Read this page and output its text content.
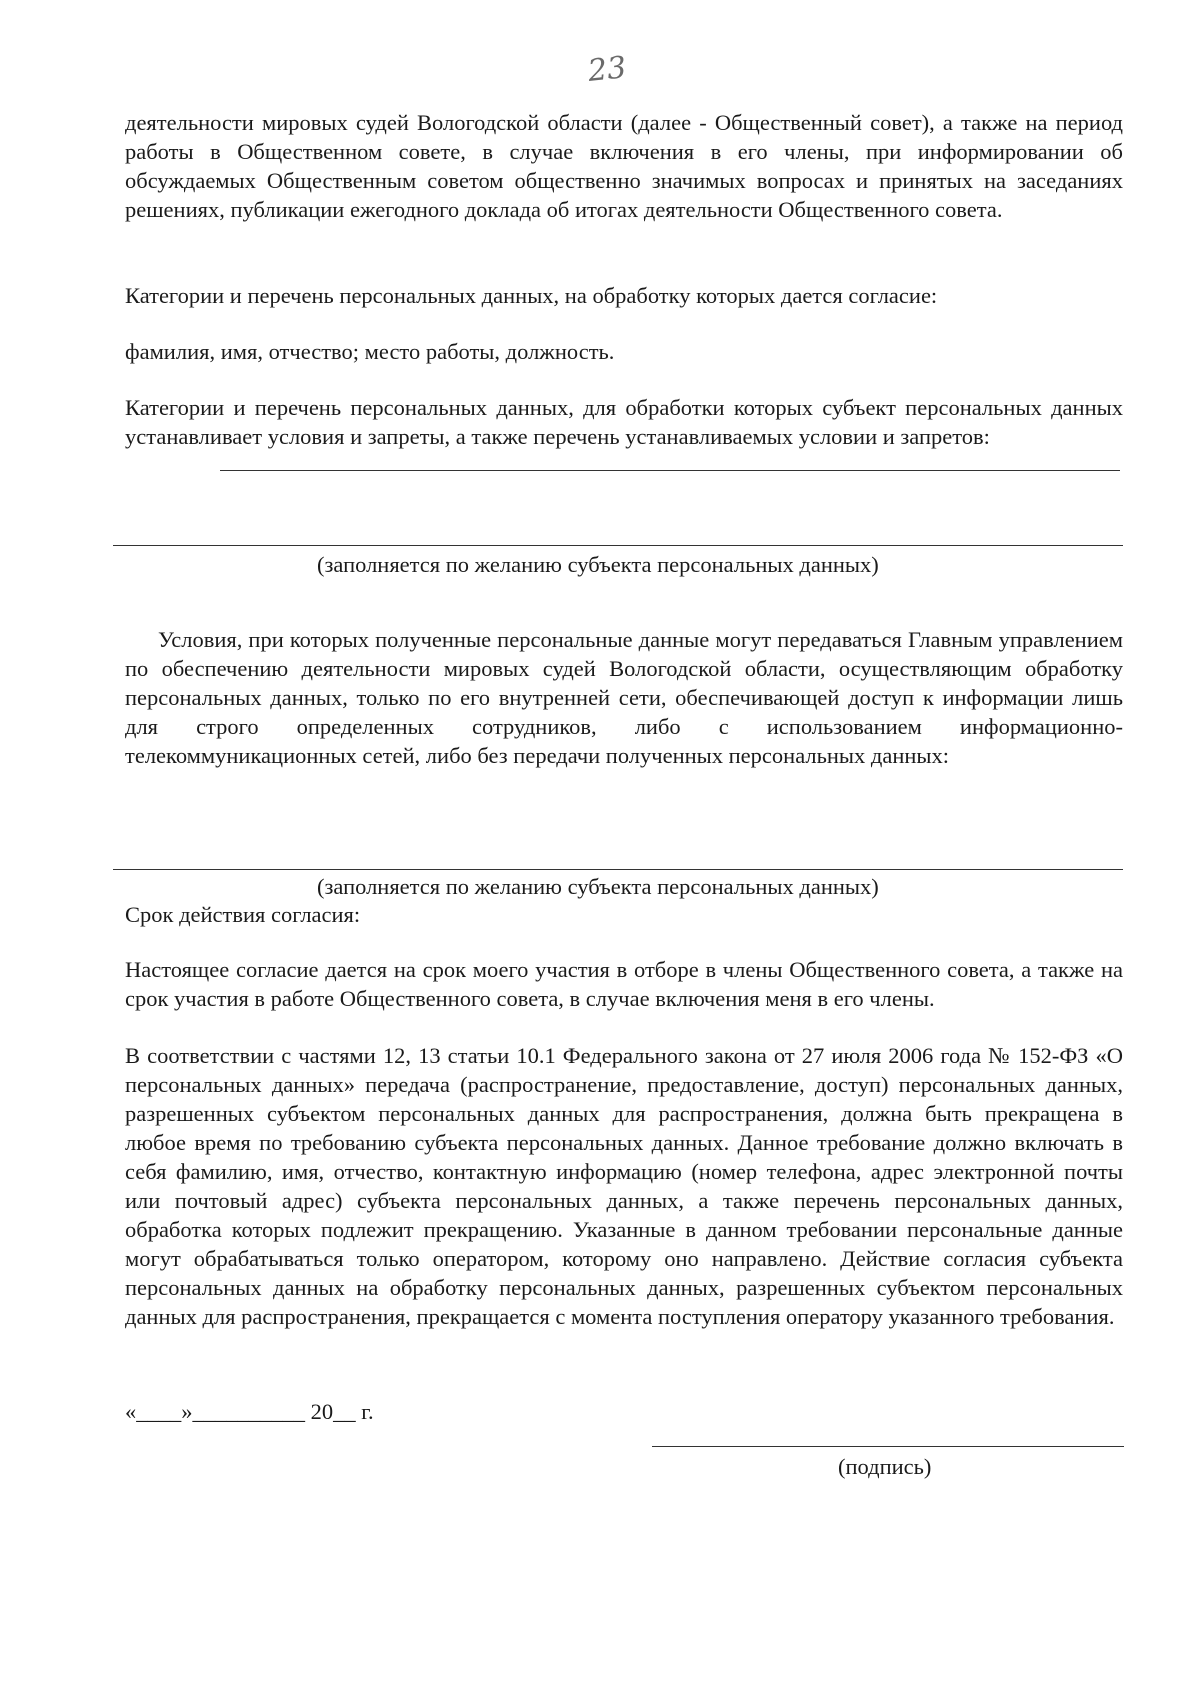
23

деятельности мировых судей Вологодской области (далее - Общественный совет), а также на период работы в Общественном совете, в случае включения в его члены, при информировании об обсуждаемых Общественным советом общественно значимых вопросах и принятых на заседаниях решениях, публикации ежегодного доклада об итогах деятельности Общественного совета.

Категории и перечень персональных данных, на обработку которых дается согласие:

фамилия, имя, отчество; место работы, должность.

Категории и перечень персональных данных, для обработки которых субъект персональных данных устанавливает условия и запреты, а также перечень устанавливаемых условии и запретов:

(заполняется по желанию субъекта персональных данных)

Условия, при которых полученные персональные данные могут передаваться Главным управлением по обеспечению деятельности мировых судей Вологодской области, осуществляющим обработку персональных данных, только по его внутренней сети, обеспечивающей доступ к информации лишь для строго определенных сотрудников, либо с использованием информационно-телекоммуникационных сетей, либо без передачи полученных персональных данных:

(заполняется по желанию субъекта персональных данных)

Срок действия согласия:

Настоящее согласие дается на срок моего участия в отборе в члены Общественного совета, а также на срок участия в работе Общественного совета, в случае включения меня в его члены.

В соответствии с частями 12, 13 статьи 10.1 Федерального закона от 27 июля 2006 года № 152-ФЗ «О персональных данных» передача (распространение, предоставление, доступ) персональных данных, разрешенных субъектом персональных данных для распространения, должна быть прекращена в любое время по требованию субъекта персональных данных. Данное требование должно включать в себя фамилию, имя, отчество, контактную информацию (номер телефона, адрес электронной почты или почтовый адрес) субъекта персональных данных, а также перечень персональных данных, обработка которых подлежит прекращению. Указанные в данном требовании персональные данные могут обрабатываться только оператором, которому оно направлено. Действие согласия субъекта персональных данных на обработку персональных данных, разрешенных субъектом персональных данных для распространения, прекращается с момента поступления оператору указанного требования.

«____»__________ 20__ г.

(подпись)
